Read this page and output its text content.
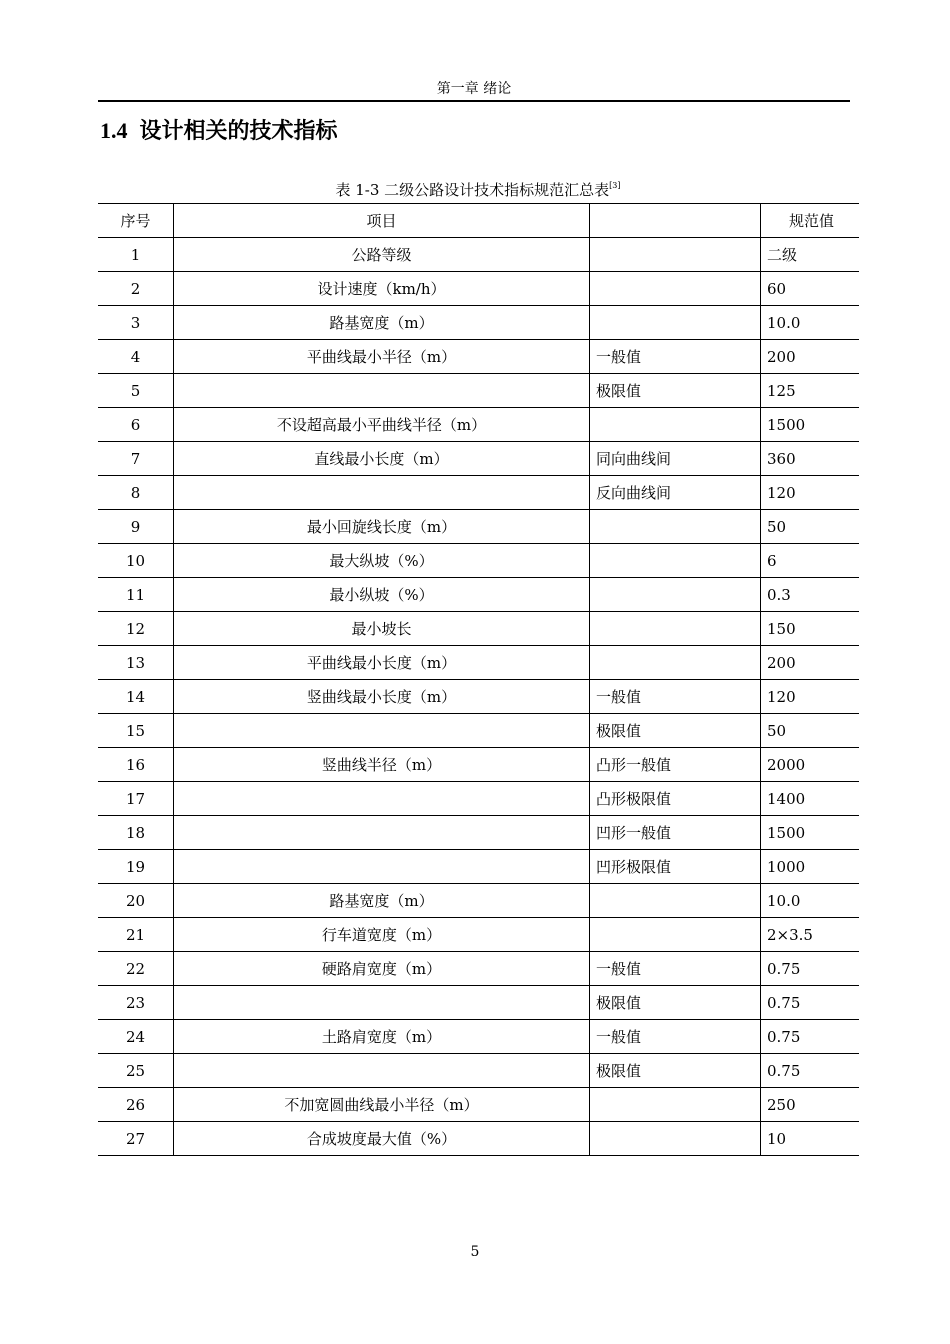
第一章 绪论
1.4 设计相关的技术指标
表 1-3 二级公路设计技术指标规范汇总表[3]
序号	项目		规范值
1	公路等级		二级
2	设计速度（km/h）		60
3	路基宽度（m）		10.0
4	平曲线最小半径（m）	一般值	200
5		极限值	125
6	不设超高最小平曲线半径（m）		1500
7	直线最小长度（m）	同向曲线间	360
8		反向曲线间	120
9	最小回旋线长度（m）		50
10	最大纵坡（%）		6
11	最小纵坡（%）		0.3
12	最小坡长		150
13	平曲线最小长度（m）		200
14	竖曲线最小长度（m）	一般值	120
15		极限值	50
16	竖曲线半径（m）	凸形一般值	2000
17		凸形极限值	1400
18		凹形一般值	1500
19		凹形极限值	1000
20	路基宽度（m）		10.0
21	行车道宽度（m）		2×3.5
22	硬路肩宽度（m）	一般值	0.75
23		极限值	0.75
24	土路肩宽度（m）	一般值	0.75
25		极限值	0.75
26	不加宽圆曲线最小半径（m）		250
27	合成坡度最大值（%）		10
5
